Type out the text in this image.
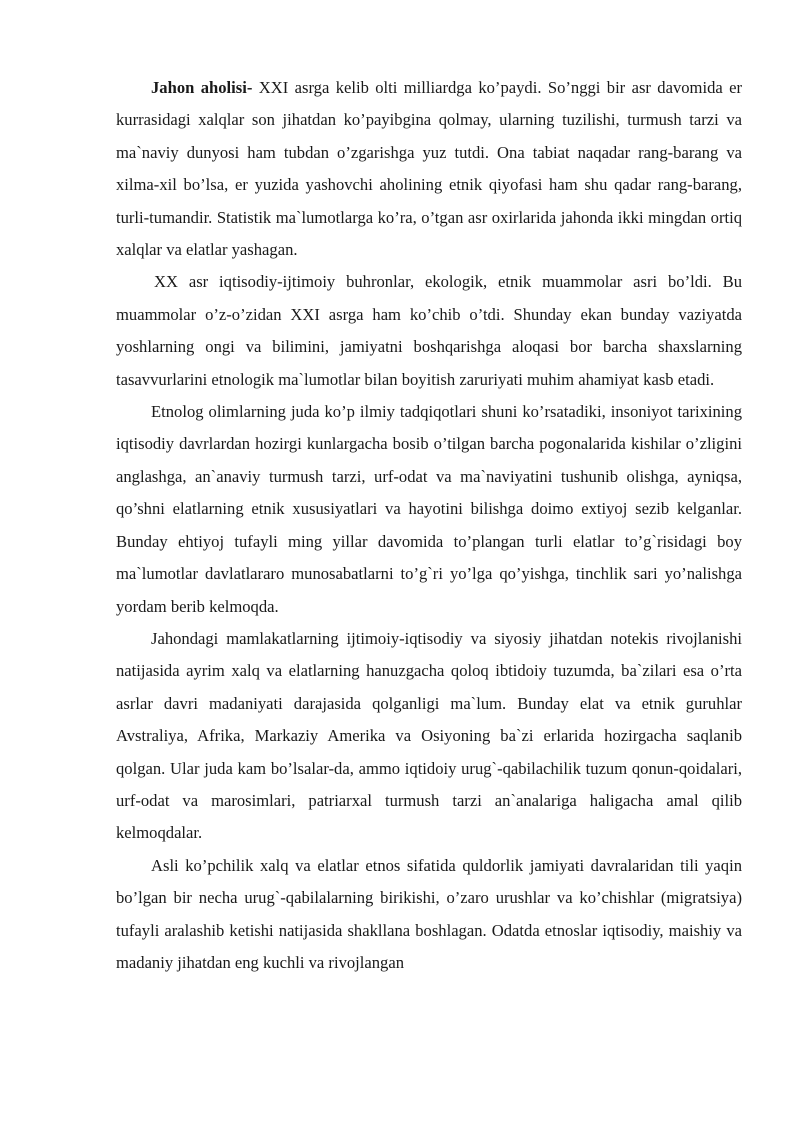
Jahon aholisi- XXI asrga kelib olti milliardga ko’paydi. So’nggi bir asr davomida er kurrasidagi xalqlar son jihatdan ko’payibgina qolmay, ularning tuzilishi, turmush tarzi va ma`naviy dunyosi ham tubdan o’zgarishga yuz tutdi. Ona tabiat naqadar rang-barang va xilma-xil bo’lsa, er yuzida yashovchi aholining etnik qiyofasi ham shu qadar rang-barang, turli-tumandir. Statistik ma`lumotlarga ko’ra, o’tgan asr oxirlarida jahonda ikki mingdan ortiq xalqlar va elatlar yashagan.

XX asr iqtisodiy-ijtimoiy buhronlar, ekologik, etnik muammolar asri bo’ldi. Bu muammolar o’z-o’zidan XXI asrga ham ko’chib o’tdi. Shunday ekan bunday vaziyatda yoshlarning ongi va bilimini, jamiyatni boshqarishga aloqasi bor barcha shaxslarning tasavvurlarini etnologik ma`lumotlar bilan boyitish zaruriyati muhim ahamiyat kasb etadi.

Etnolog olimlarning juda ko’p ilmiy tadqiqotlari shuni ko’rsatadiki, insoniyot tarixining iqtisodiy davrlardan hozirgi kunlargacha bosib o’tilgan barcha pogonalarida kishilar o’zligini anglashga, an`anaviy turmush tarzi, urf-odat va ma`naviyatini tushunib olishga, ayniqsa, qo’shni elatlarning etnik xususiyatlari va hayotini bilishga doimo extiyoj sezib kelganlar. Bunday ehtiyoj tufayli ming yillar davomida to’plangan turli elatlar to’g`risidagi boy ma`lumotlar davlatlararo munosabatlarni to’g`ri yo’lga qo’yishga, tinchlik sari yo’nalishga yordam berib kelmoqda.

Jahondagi mamlakatlarning ijtimoiy-iqtisodiy va siyosiy jihatdan notekis rivojlanishi natijasida ayrim xalq va elatlarning hanuzgacha qoloq ibtidoiy tuzumda, ba`zilari esa o’rta asrlar davri madaniyati darajasida qolganligi ma`lum. Bunday elat va etnik guruhlar Avstraliya, Afrika, Markaziy Amerika va Osiyoning ba`zi erlarida hozirgacha saqlanib qolgan. Ular juda kam bo’lsalar-da, ammo iqtidoiy urug`-qabilachilik tuzum qonun-qoidalari, urf-odat va marosimlari, patriarxal turmush tarzi an`analariga haligacha amal qilib kelmoqdalar.

Asli ko’pchilik xalq va elatlar etnos sifatida quldorlik jamiyati davralaridan tili yaqin bo’lgan bir necha urug`-qabilalarning birikishi, o’zaro urushlar va ko’chishlar (migratsiya) tufayli aralashib ketishi natijasida shakllana boshlagan. Odatda etnoslar iqtisodiy, maishiy va madaniy jihatdan eng kuchli va rivojlangan
